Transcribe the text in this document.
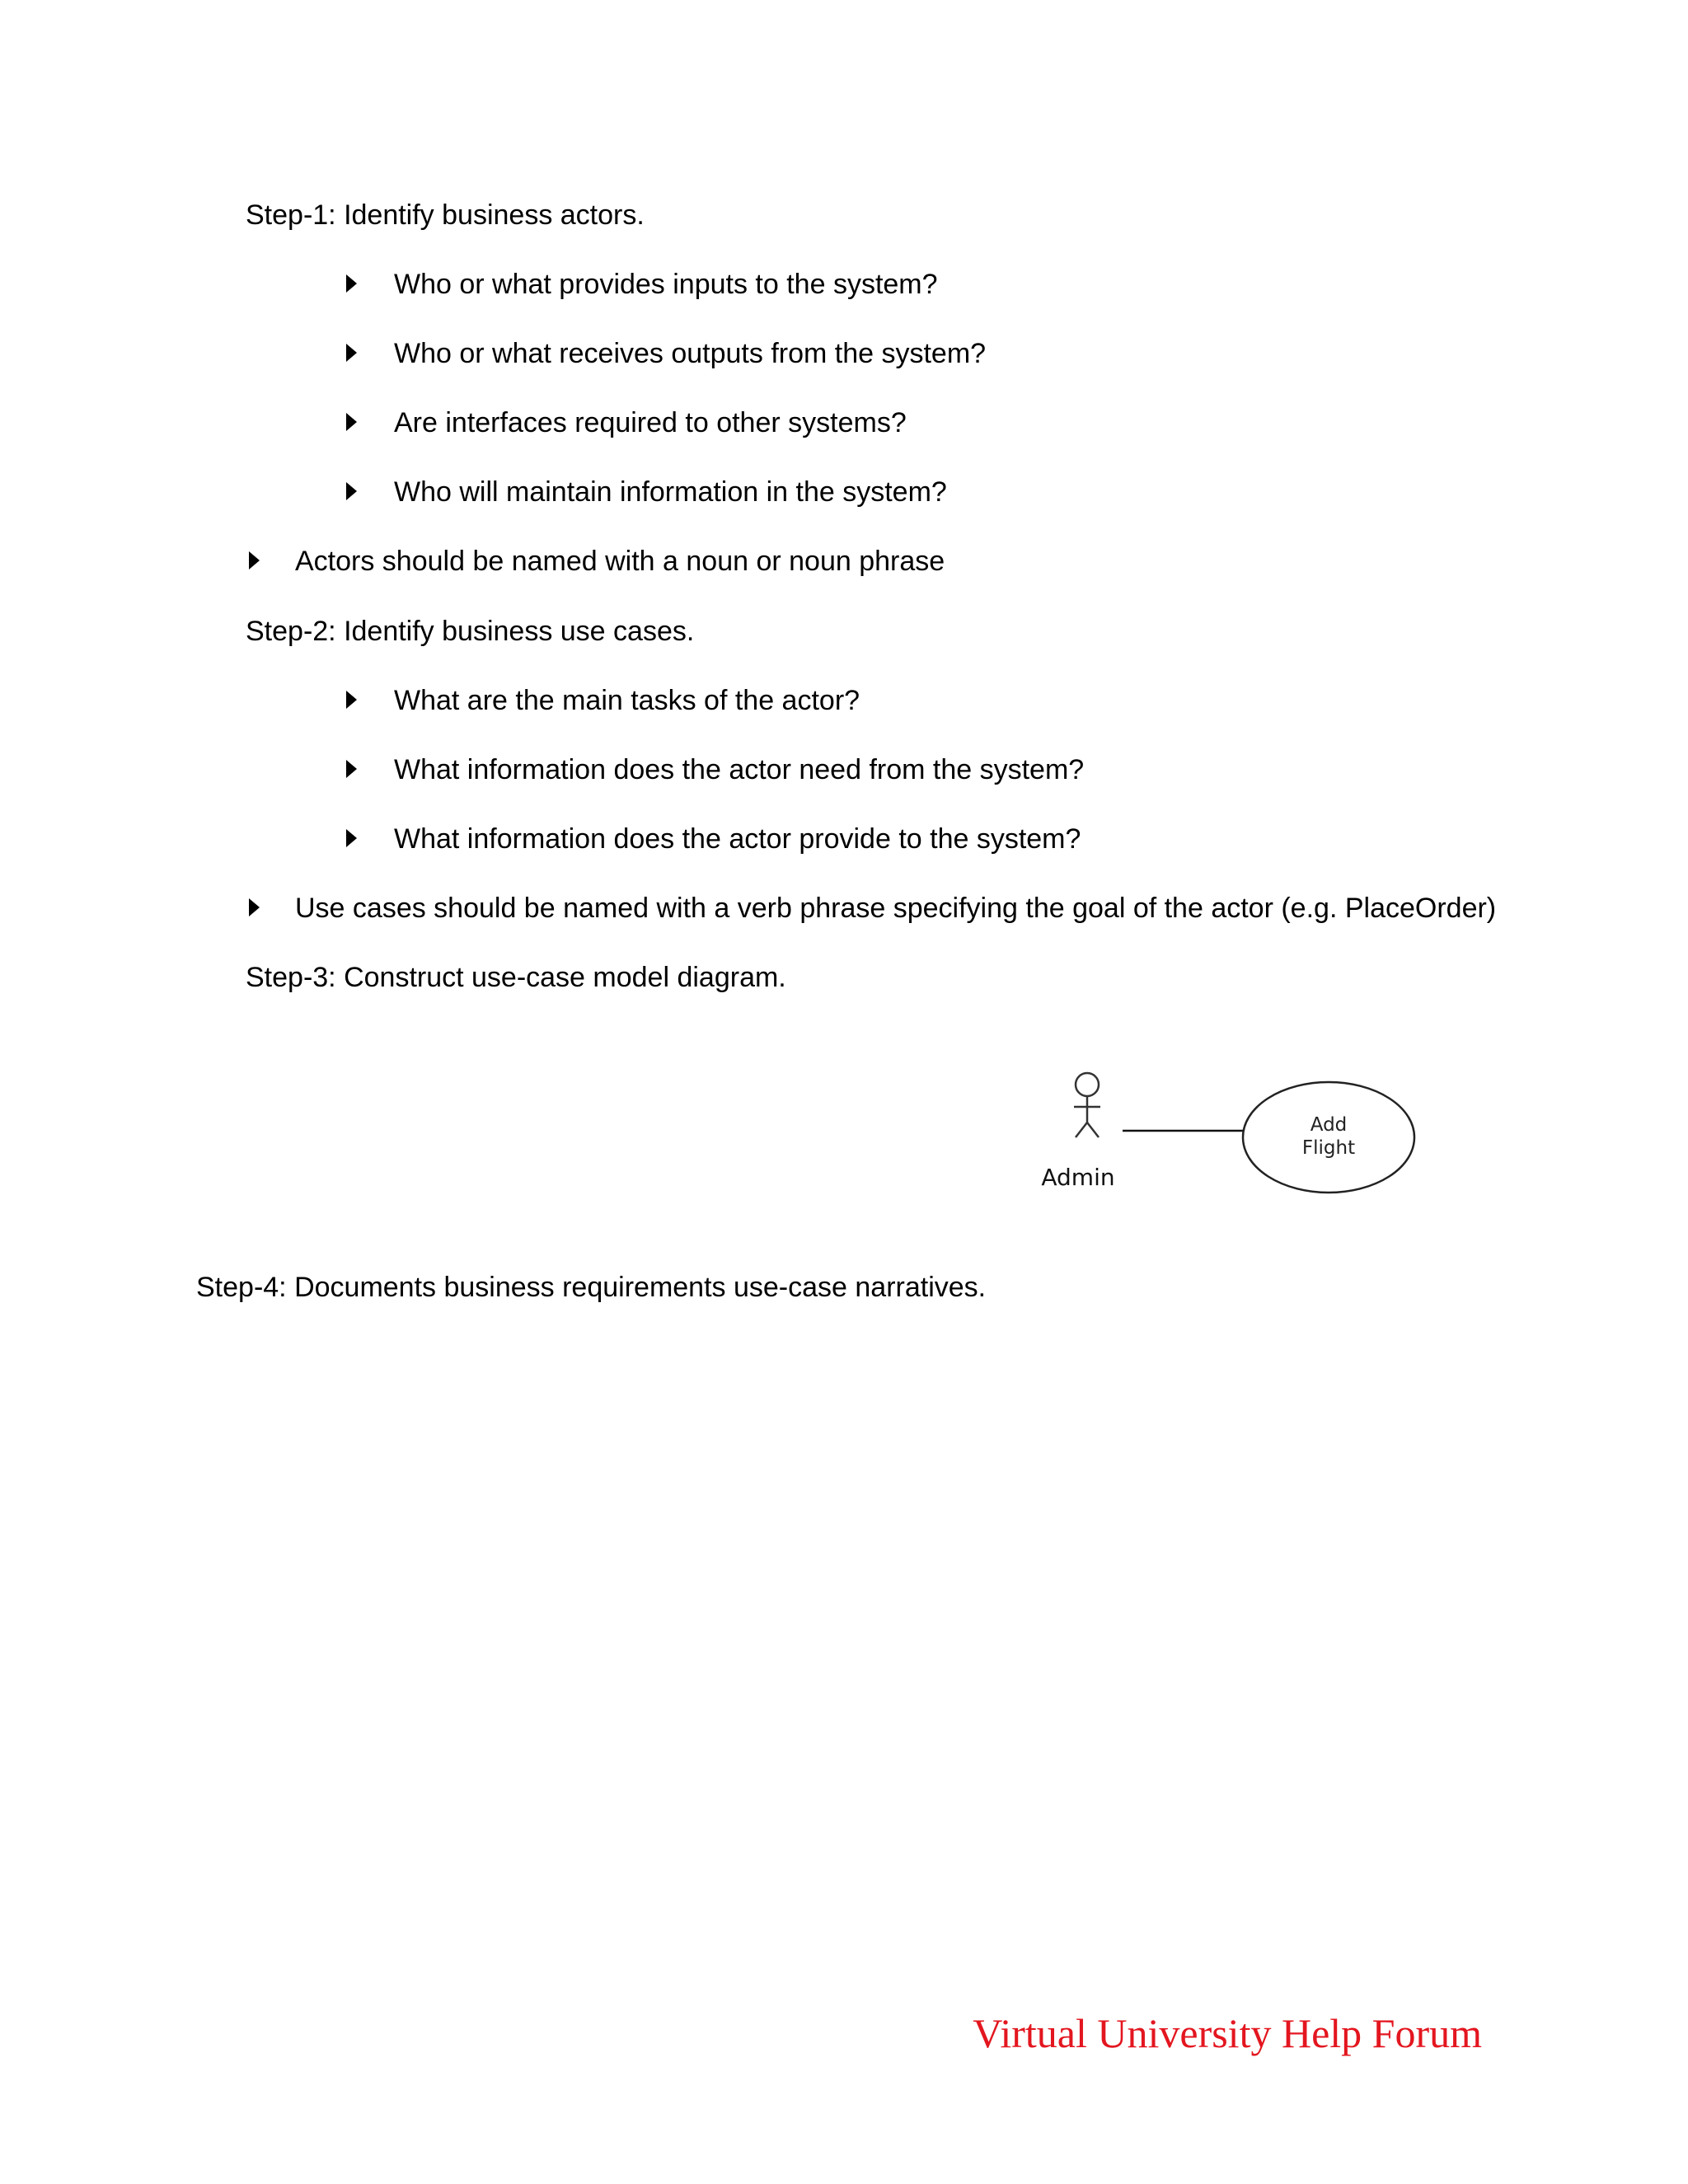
Step-1: Identify business actors.
Who or what provides inputs to the system?
Who or what receives outputs from the system?
Are interfaces required to other systems?
Who will maintain information in the system?
Actors should be named with a noun or noun phrase
Step-2: Identify business use cases.
What are the main tasks of the actor?
What information does the actor need from the system?
What information does the actor provide to the system?
Use cases should be named with a verb phrase specifying the goal of the actor (e.g. PlaceOrder)
Step-3: Construct use-case model diagram.
Add
Flight
Admin
Step-4: Documents business requirements use-case narratives.
Virtual University Help Forum
